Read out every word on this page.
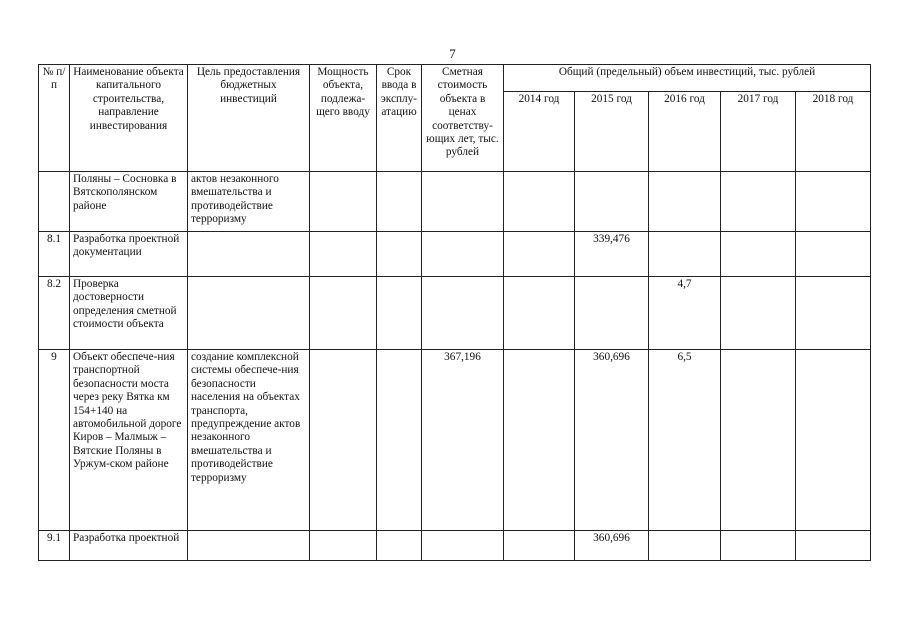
7
№ п/п	Наименование объекта капитального строительства, направление инвестирования	Цель предоставления бюджетных инвестиций	Мощность объекта, подлежа-щего вводу	Срок ввода в эксплу-атацию	Сметная стоимость объекта в ценах соответству-ющих лет, тыс. рублей	Общий (предельный) объем инвестиций, тыс. рублей				
						2014 год	2015 год	2016 год	2017 год	2018 год
	Поляны – Сосновка в Вятскополянском районе	актов незаконного вмешательства и противодействие терроризму								
8.1	Разработка проектной документации						339,476			
8.2	Проверка достоверности определения сметной стоимости объекта							4,7		
9	Объект обеспече-ния транспортной безопасности моста через реку Вятка км 154+140 на автомобильной дороге Киров – Малмыж – Вятские Поляны в Уржум-ском районе	создание комплексной системы обеспече-ния безопасности населения на объектах транспорта, предупреждение актов незаконного вмешательства и противодействие терроризму			367,196		360,696	6,5		
9.1	Разработка проектной						360,696			
